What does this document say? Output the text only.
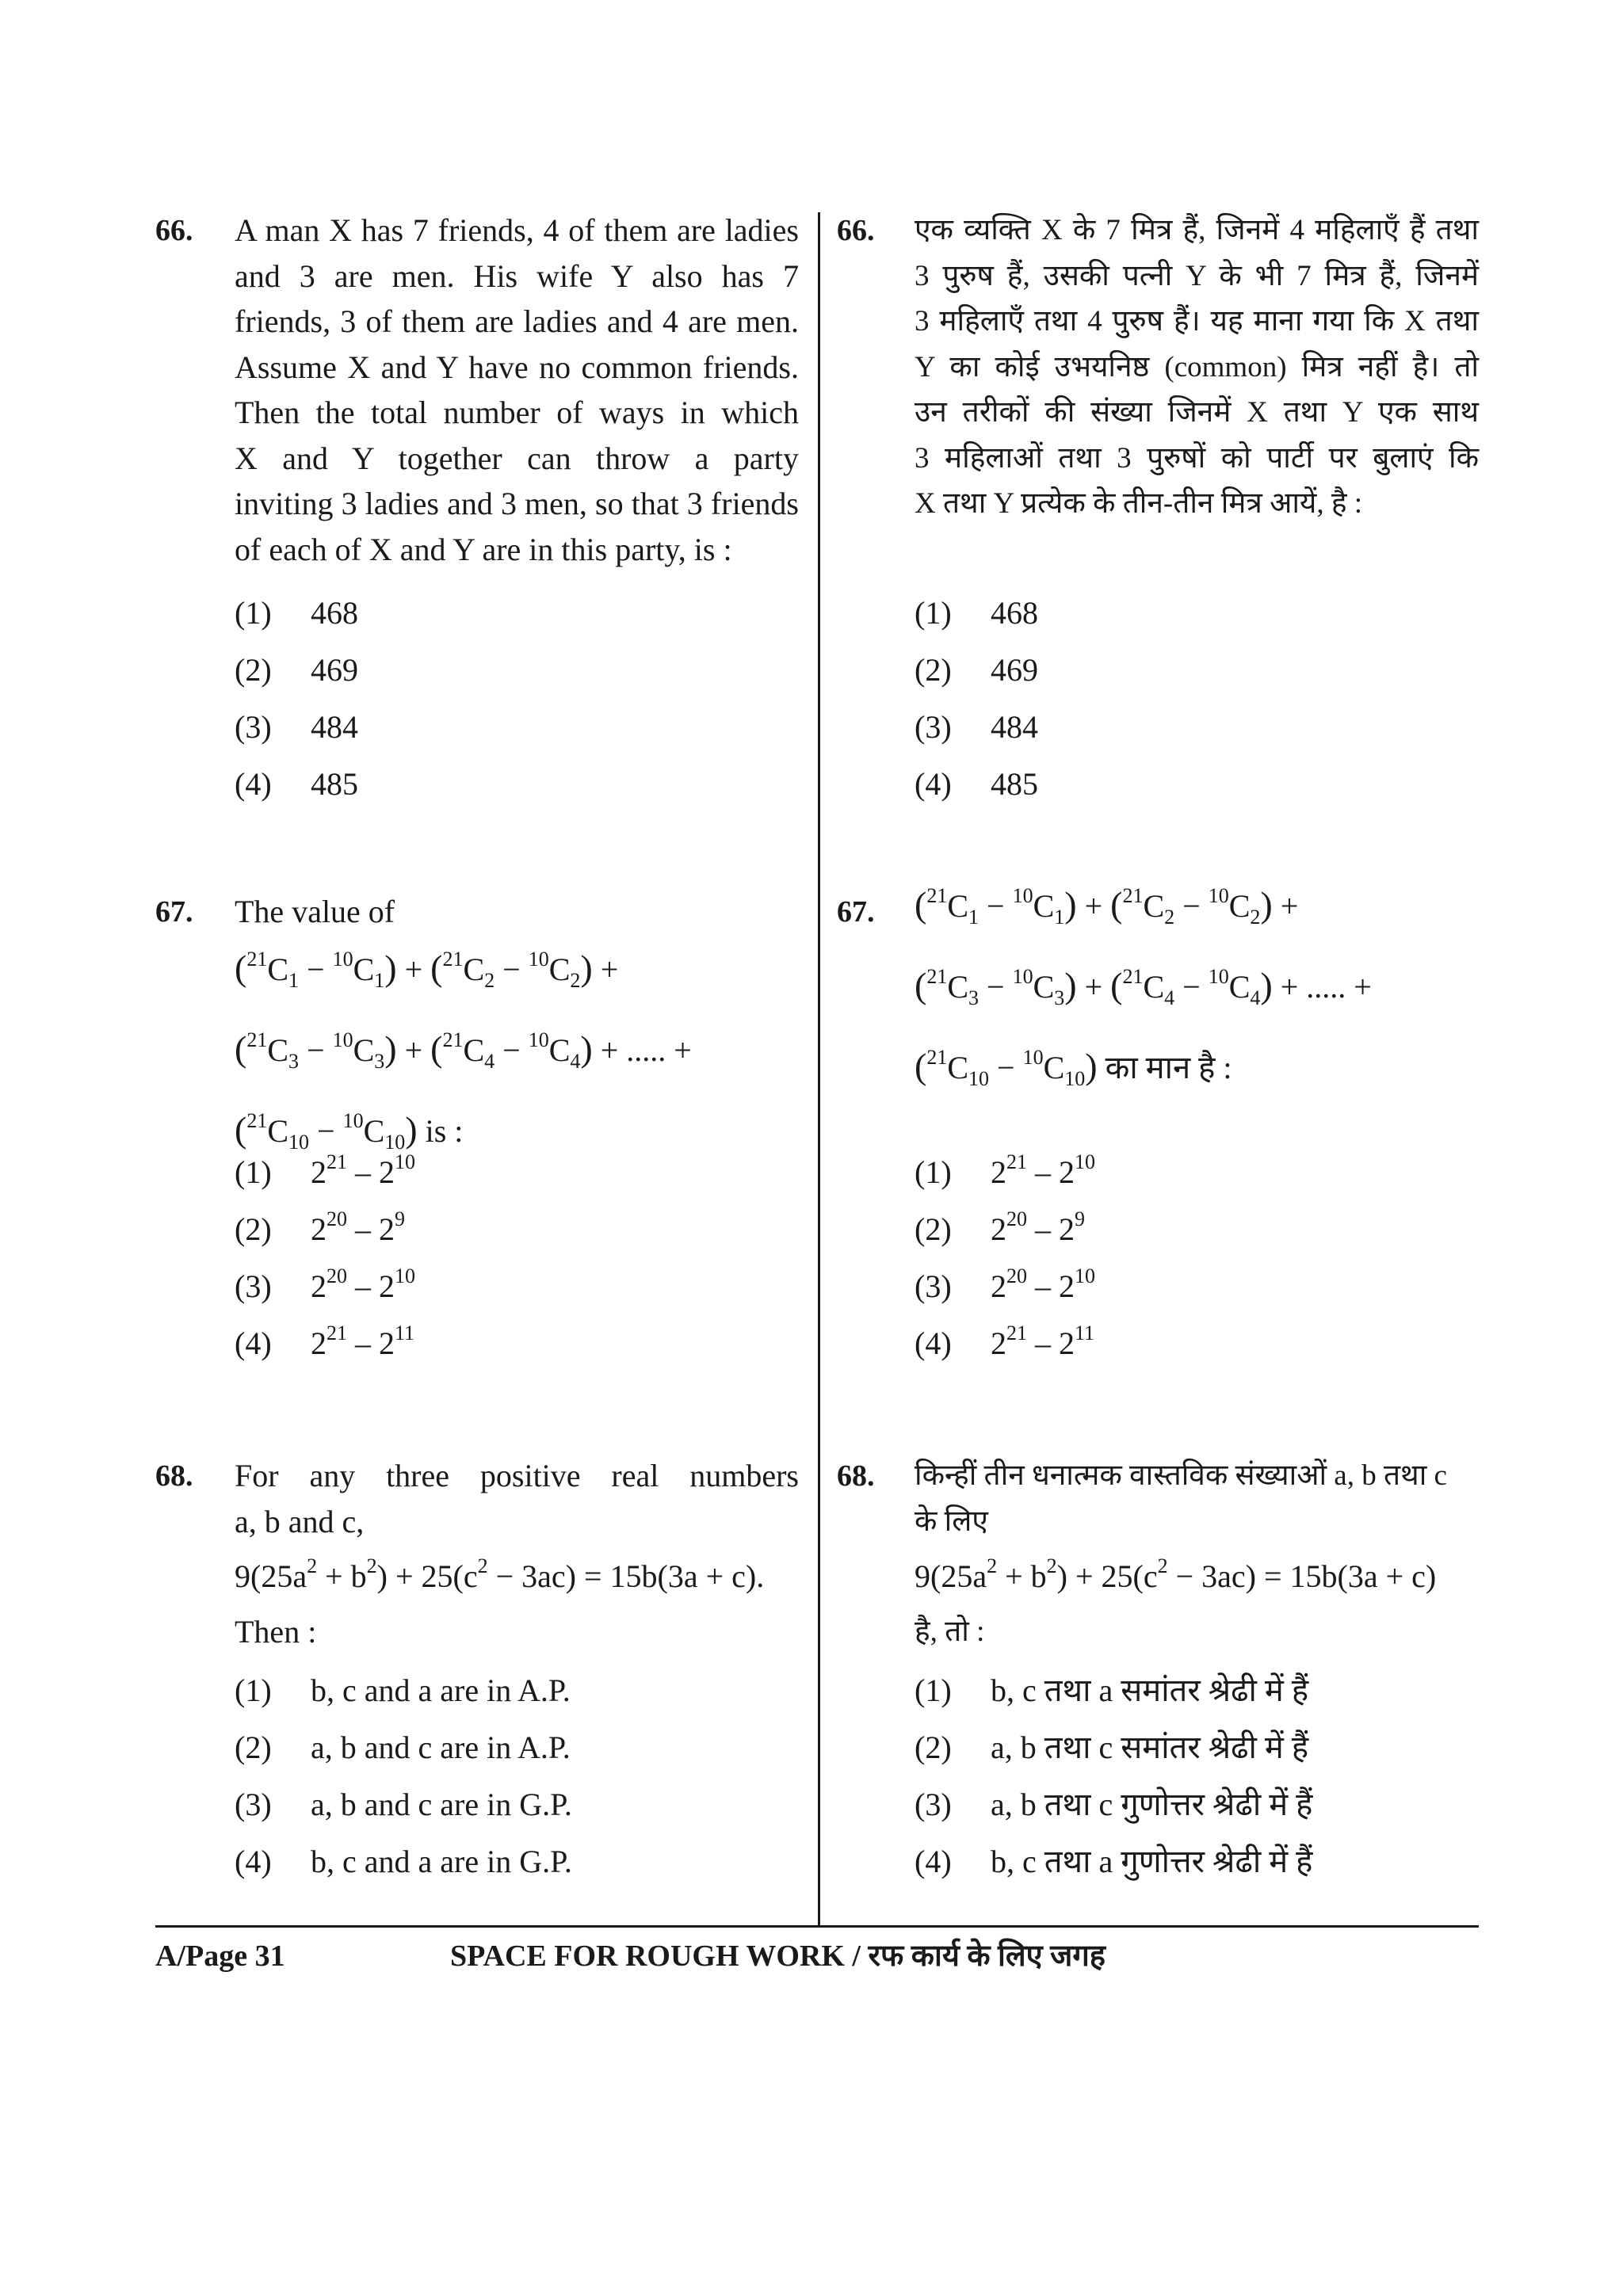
66. A man X has 7 friends, 4 of them are ladies
and 3 are men. His wife Y also has 7
friends, 3 of them are ladies and 4 are men.
Assume X and Y have no common friends.
Then the total number of ways in which
X and Y together can throw a party
inviting 3 ladies and 3 men, so that 3 friends
of each of X and Y are in this party, is :
(1)	468
(2)	469
(3)	484
(4)	485
67. The value of
$(^{21}C_1 - ^{10}C_1) + (^{21}C_2 - ^{10}C_2)$ +
$(^{21}C_3 - ^{10}C_3) + (^{21}C_4 - ^{10}C_4)$ + ..... +
$(^{21}C_{10} - ^{10}C_{10})$ is :
(1)	$2^{21} - 2^{10}$
(2)	$2^{20} - 2^9$
(3)	$2^{20} - 2^{10}$
(4)	$2^{21} - 2^{11}$
68. For any three positive real numbers
a, b and c,
$9(25a^2 + b^2) + 25(c^2 - 3ac) = 15b(3a + c)$.
Then :
(1)	b, c and a are in A.P.
(2)	a, b and c are in A.P.
(3)	a, b and c are in G.P.
(4)	b, c and a are in G.P.
66. एक व्यक्ति X के 7 मित्र हैं, जिनमें 4 महिलाएँ हैं तथा
3 पुरुष हैं, उसकी पत्नी Y के भी 7 मित्र हैं, जिनमें
3 महिलाएँ तथा 4 पुरुष हैं। यह माना गया कि X तथा
Y का कोई उभयनिष्ठ (common) मित्र नहीं है। तो
उन तरीकों की संख्या जिनमें X तथा Y एक साथ
3 महिलाओं तथा 3 पुरुषों को पार्टी पर बुलाएं कि
X तथा Y प्रत्येक के तीन-तीन मित्र आयें, है :
(1)	468
(2)	469
(3)	484
(4)	485
67. $(^{21}C_1 - ^{10}C_1) + (^{21}C_2 - ^{10}C_2)$ +
$(^{21}C_3 - ^{10}C_3) + (^{21}C_4 - ^{10}C_4)$ + ..... +
$(^{21}C_{10} - ^{10}C_{10})$ का मान है :
(1)	$2^{21} - 2^{10}$
(2)	$2^{20} - 2^9$
(3)	$2^{20} - 2^{10}$
(4)	$2^{21} - 2^{11}$
68. किन्हीं तीन धनात्मक वास्तविक संख्याओं a, b तथा c
के लिए
$9(25a^2 + b^2) + 25(c^2 - 3ac) = 15b(3a + c)$
है, तो :
(1)	b, c तथा a समांतर श्रेढी में हैं
(2)	a, b तथा c समांतर श्रेढी में हैं
(3)	a, b तथा c गुणोत्तर श्रेढी में हैं
(4)	b, c तथा a गुणोत्तर श्रेढी में हैं
A/Page 31	SPACE FOR ROUGH WORK / रफ कार्य के लिए जगह
